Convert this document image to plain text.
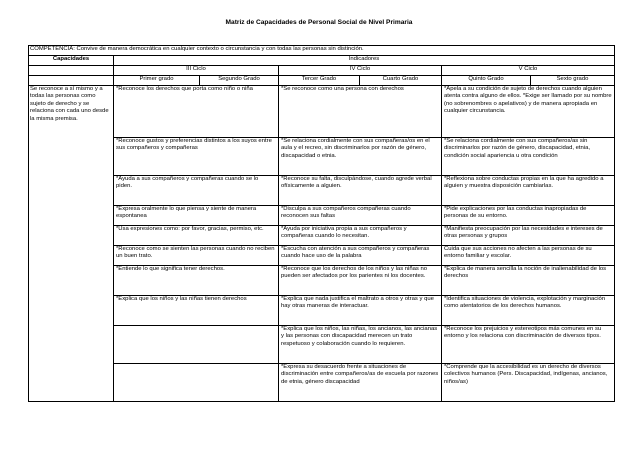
Matriz de Capacidades de Personal Social de Nivel Primaria
COMPETENCIA: Convive de manera democrática en cualquier contexto o circunstancia y con todas las personas sin distinción.						
Capacidades	Indicadores					
	III Ciclo		IV Ciclo		V Ciclo	
	Primer grado	Segundo Grado	Tercer Grado	Cuarto Grado	Quinto Grado	Sexto grado
Se reconoce a sí mismo y a todas las personas como sujeto de derecho y se relaciona con cada uno desde la misma premisa.	*Reconoce los derechos que porta como niño o niña		*Se reconoce como una persona con derechos		*Apela a su condición de sujeto de derechos cuando alguien atenta contra alguno de ellos. *Exige ser llamado por su nombre (no sobrenombres o apelativos) y de manera apropiada en cualquier circunstancia.	
	*Reconoce gustos y preferencias distintos a los suyos entre sus compañeros y compañeras		*Se relaciona cordialmente con sus compañeras/os en el aula y el recreo, sin discriminarlos por razón de género, discapacidad o etnia.		*Se relaciona cordialmente con sus compañeros/as sin discriminarlos por razón de género, discapacidad, etnia, condición social apariencia u otra condición	
	*Ayuda a sus compañeros y compañeras cuando se lo piden.		*Reconoce su falta, disculpándose, cuando agrede verbal ofísicamente a alguien.		*Reflexiona sobre conductas propias en la que ha agredido a alguien y muestra disposición cambiarlas.	
	*Expresa oralmente lo que piensa y siente de manera espontanea		*Disculpa a sus compañeros compañeras cuando reconocen sus faltas		*Pide explicaciones por las conductas inapropiadas de personas de su entorno.	
	*Usa expresiones como: por favor, gracias, permiso, etc.		*Ayuda por iniciativa propia a sus compañeros y compañeras cuando lo necesitan.		*Manifiesta preocupación por las necesidades e intereses de otras personas y grupos	
	*Reconoce como se sienten las personas cuando no reciben un buen trato.		*Escucha con atención a sus compañeros y compañeras cuando hace uso de la palabra		Cuida que sus acciones no afecten a las personas de su entorno familiar y escolar.	
	*Entiende lo que significa tener derechos.		*Reconoce que los derechos de los niños y las niñas no pueden ser afectados por los parientes ni los docentes.		*Explica de manera sencilla la noción de inalienabilidad de los derechos	
	*Explica que los niños y las niñas tienen derechos		*Explica que nada justifica el maltrato a otros y otras y que hay otras maneras de interactuar.		*Identifica situaciones de violencia, explotación y marginación como atentatorios de los derechos humanos.	
			*Explica que los niños, las niñas, los ancianos, las ancianas y las personas con discapacidad merecen un trato respetuoso y colaboración cuando lo requieren.		*Reconoce los prejuicios y estereotipos más comunes en su entorno y los relaciona con discriminación de diversos tipos.	
			*Expresa su desacuerdo frente a situaciones de discriminación entre compañeros/as de escuela por razones de etnia, género discapacidad		*Comprende que la accesibilidad es un derecho de diversos colectivos humanos (Pers. Discapacidad, indígenas, ancianos, niños/as)	
